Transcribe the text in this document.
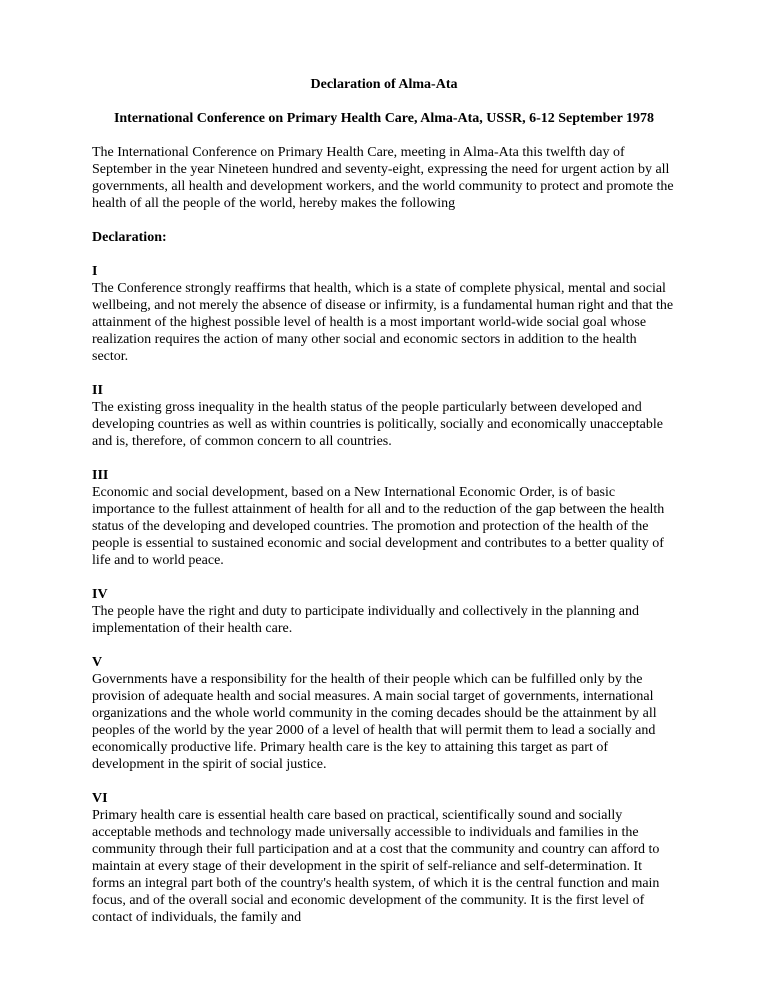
Declaration of Alma-Ata
International Conference on Primary Health Care, Alma-Ata, USSR, 6-12 September 1978

The International Conference on Primary Health Care, meeting in Alma-Ata this twelfth day of September in the year Nineteen hundred and seventy-eight, expressing the need for urgent action by all governments, all health and development workers, and the world community to protect and promote the health of all the people of the world, hereby makes the following

Declaration:

I
The Conference strongly reaffirms that health, which is a state of complete physical, mental and social wellbeing, and not merely the absence of disease or infirmity, is a fundamental human right and that the attainment of the highest possible level of health is a most important world-wide social goal whose realization requires the action of many other social and economic sectors in addition to the health sector.
II
The existing gross inequality in the health status of the people particularly between developed and developing countries as well as within countries is politically, socially and economically unacceptable and is, therefore, of common concern to all countries.
III
Economic and social development, based on a New International Economic Order, is of basic importance to the fullest attainment of health for all and to the reduction of the gap between the health status of the developing and developed countries. The promotion and protection of the health of the people is essential to sustained economic and social development and contributes to a better quality of life and to world peace.
IV
The people have the right and duty to participate individually and collectively in the planning and implementation of their health care.
V
Governments have a responsibility for the health of their people which can be fulfilled only by the provision of adequate health and social measures. A main social target of governments, international organizations and the whole world community in the coming decades should be the attainment by all peoples of the world by the year 2000 of a level of health that will permit them to lead a socially and economically productive life. Primary health care is the key to attaining this target as part of development in the spirit of social justice.
VI
Primary health care is essential health care based on practical, scientifically sound and socially acceptable methods and technology made universally accessible to individuals and families in the community through their full participation and at a cost that the community and country can afford to maintain at every stage of their development in the spirit of self-reliance and self-determination. It forms an integral part both of the country's health system, of which it is the central function and main focus, and of the overall social and economic development of the community. It is the first level of contact of individuals, the family and
